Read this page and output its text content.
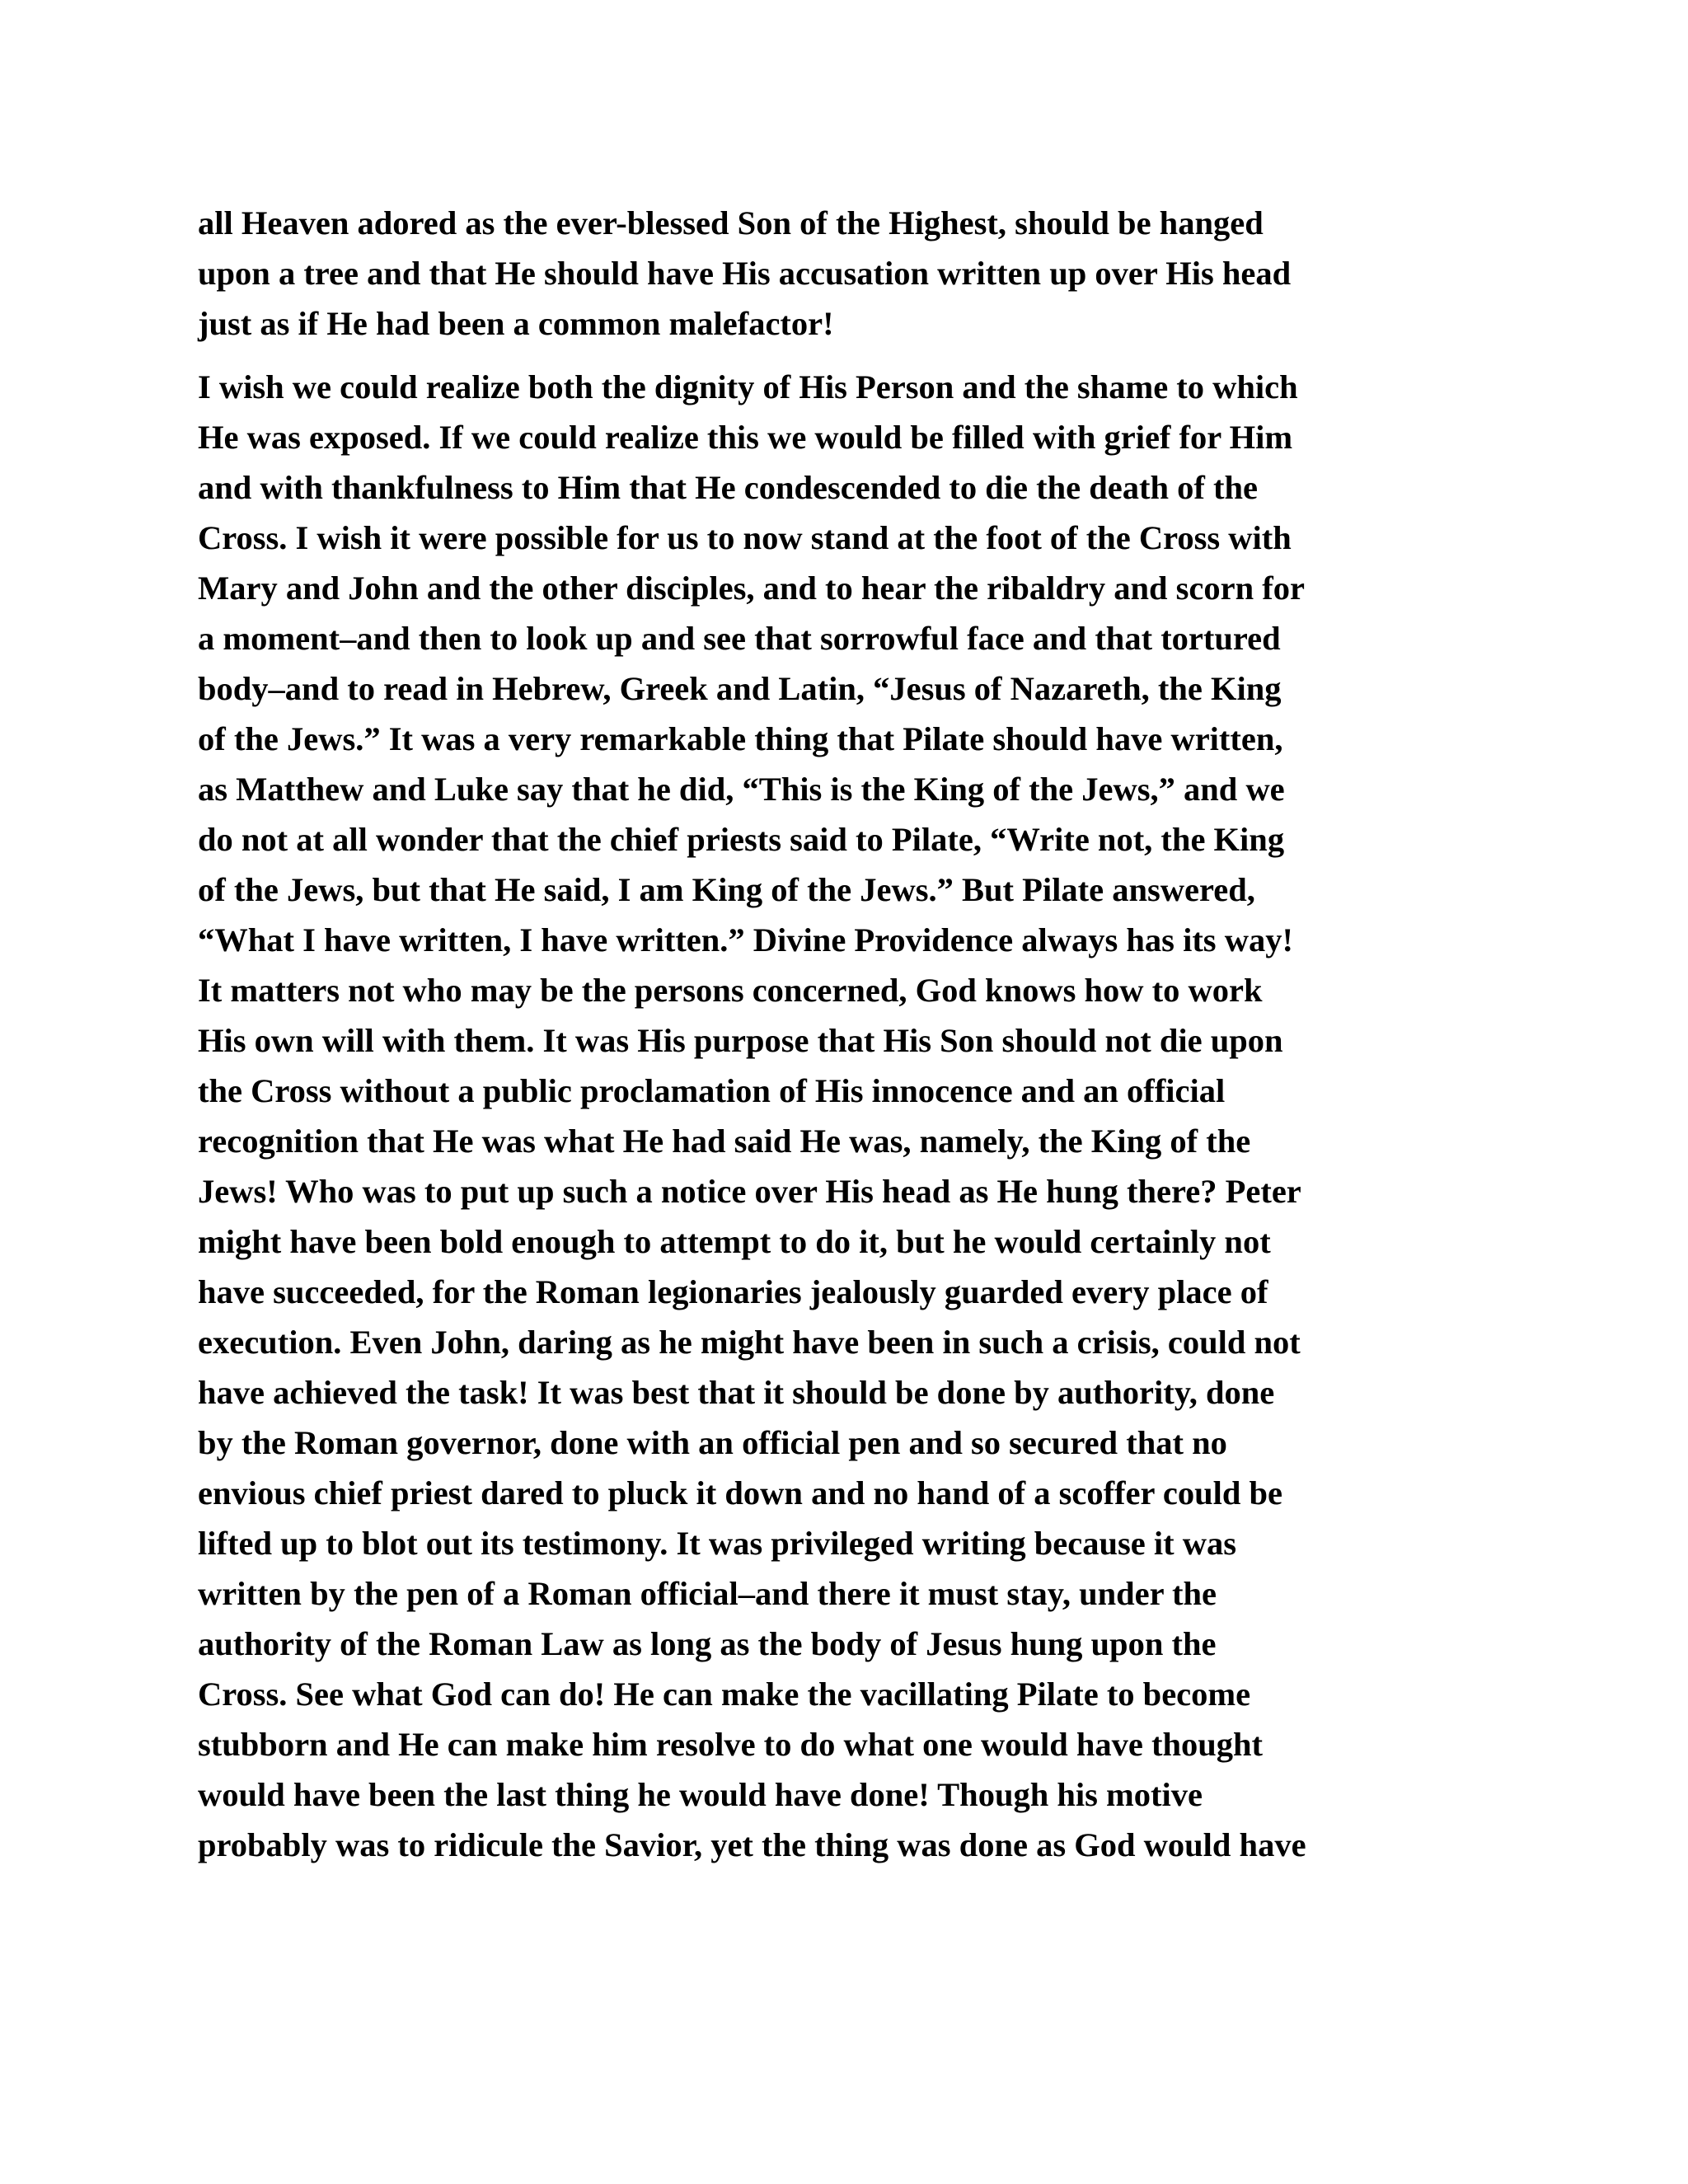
all Heaven adored as the ever-blessed Son of the Highest, should be hanged
upon a tree and that He should have His accusation written up over His head
just as if He had been a common malefactor!

I wish we could realize both the dignity of His Person and the shame to which
He was exposed. If we could realize this we would be filled with grief for Him
and with thankfulness to Him that He condescended to die the death of the
Cross. I wish it were possible for us to now stand at the foot of the Cross with
Mary and John and the other disciples, and to hear the ribaldry and scorn for
a moment–and then to look up and see that sorrowful face and that tortured
body–and to read in Hebrew, Greek and Latin, “Jesus of Nazareth, the King
of the Jews.” It was a very remarkable thing that Pilate should have written,
as Matthew and Luke say that he did, “This is the King of the Jews,” and we
do not at all wonder that the chief priests said to Pilate, “Write not, the King
of the Jews, but that He said, I am King of the Jews.” But Pilate answered,
“What I have written, I have written.” Divine Providence always has its way!
It matters not who may be the persons concerned, God knows how to work
His own will with them. It was His purpose that His Son should not die upon
the Cross without a public proclamation of His innocence and an official
recognition that He was what He had said He was, namely, the King of the
Jews! Who was to put up such a notice over His head as He hung there? Peter
might have been bold enough to attempt to do it, but he would certainly not
have succeeded, for the Roman legionaries jealously guarded every place of
execution. Even John, daring as he might have been in such a crisis, could not
have achieved the task! It was best that it should be done by authority, done
by the Roman governor, done with an official pen and so secured that no
envious chief priest dared to pluck it down and no hand of a scoffer could be
lifted up to blot out its testimony. It was privileged writing because it was
written by the pen of a Roman official–and there it must stay, under the
authority of the Roman Law as long as the body of Jesus hung upon the
Cross. See what God can do! He can make the vacillating Pilate to become
stubborn and He can make him resolve to do what one would have thought
would have been the last thing he would have done! Though his motive
probably was to ridicule the Savior, yet the thing was done as God would have
